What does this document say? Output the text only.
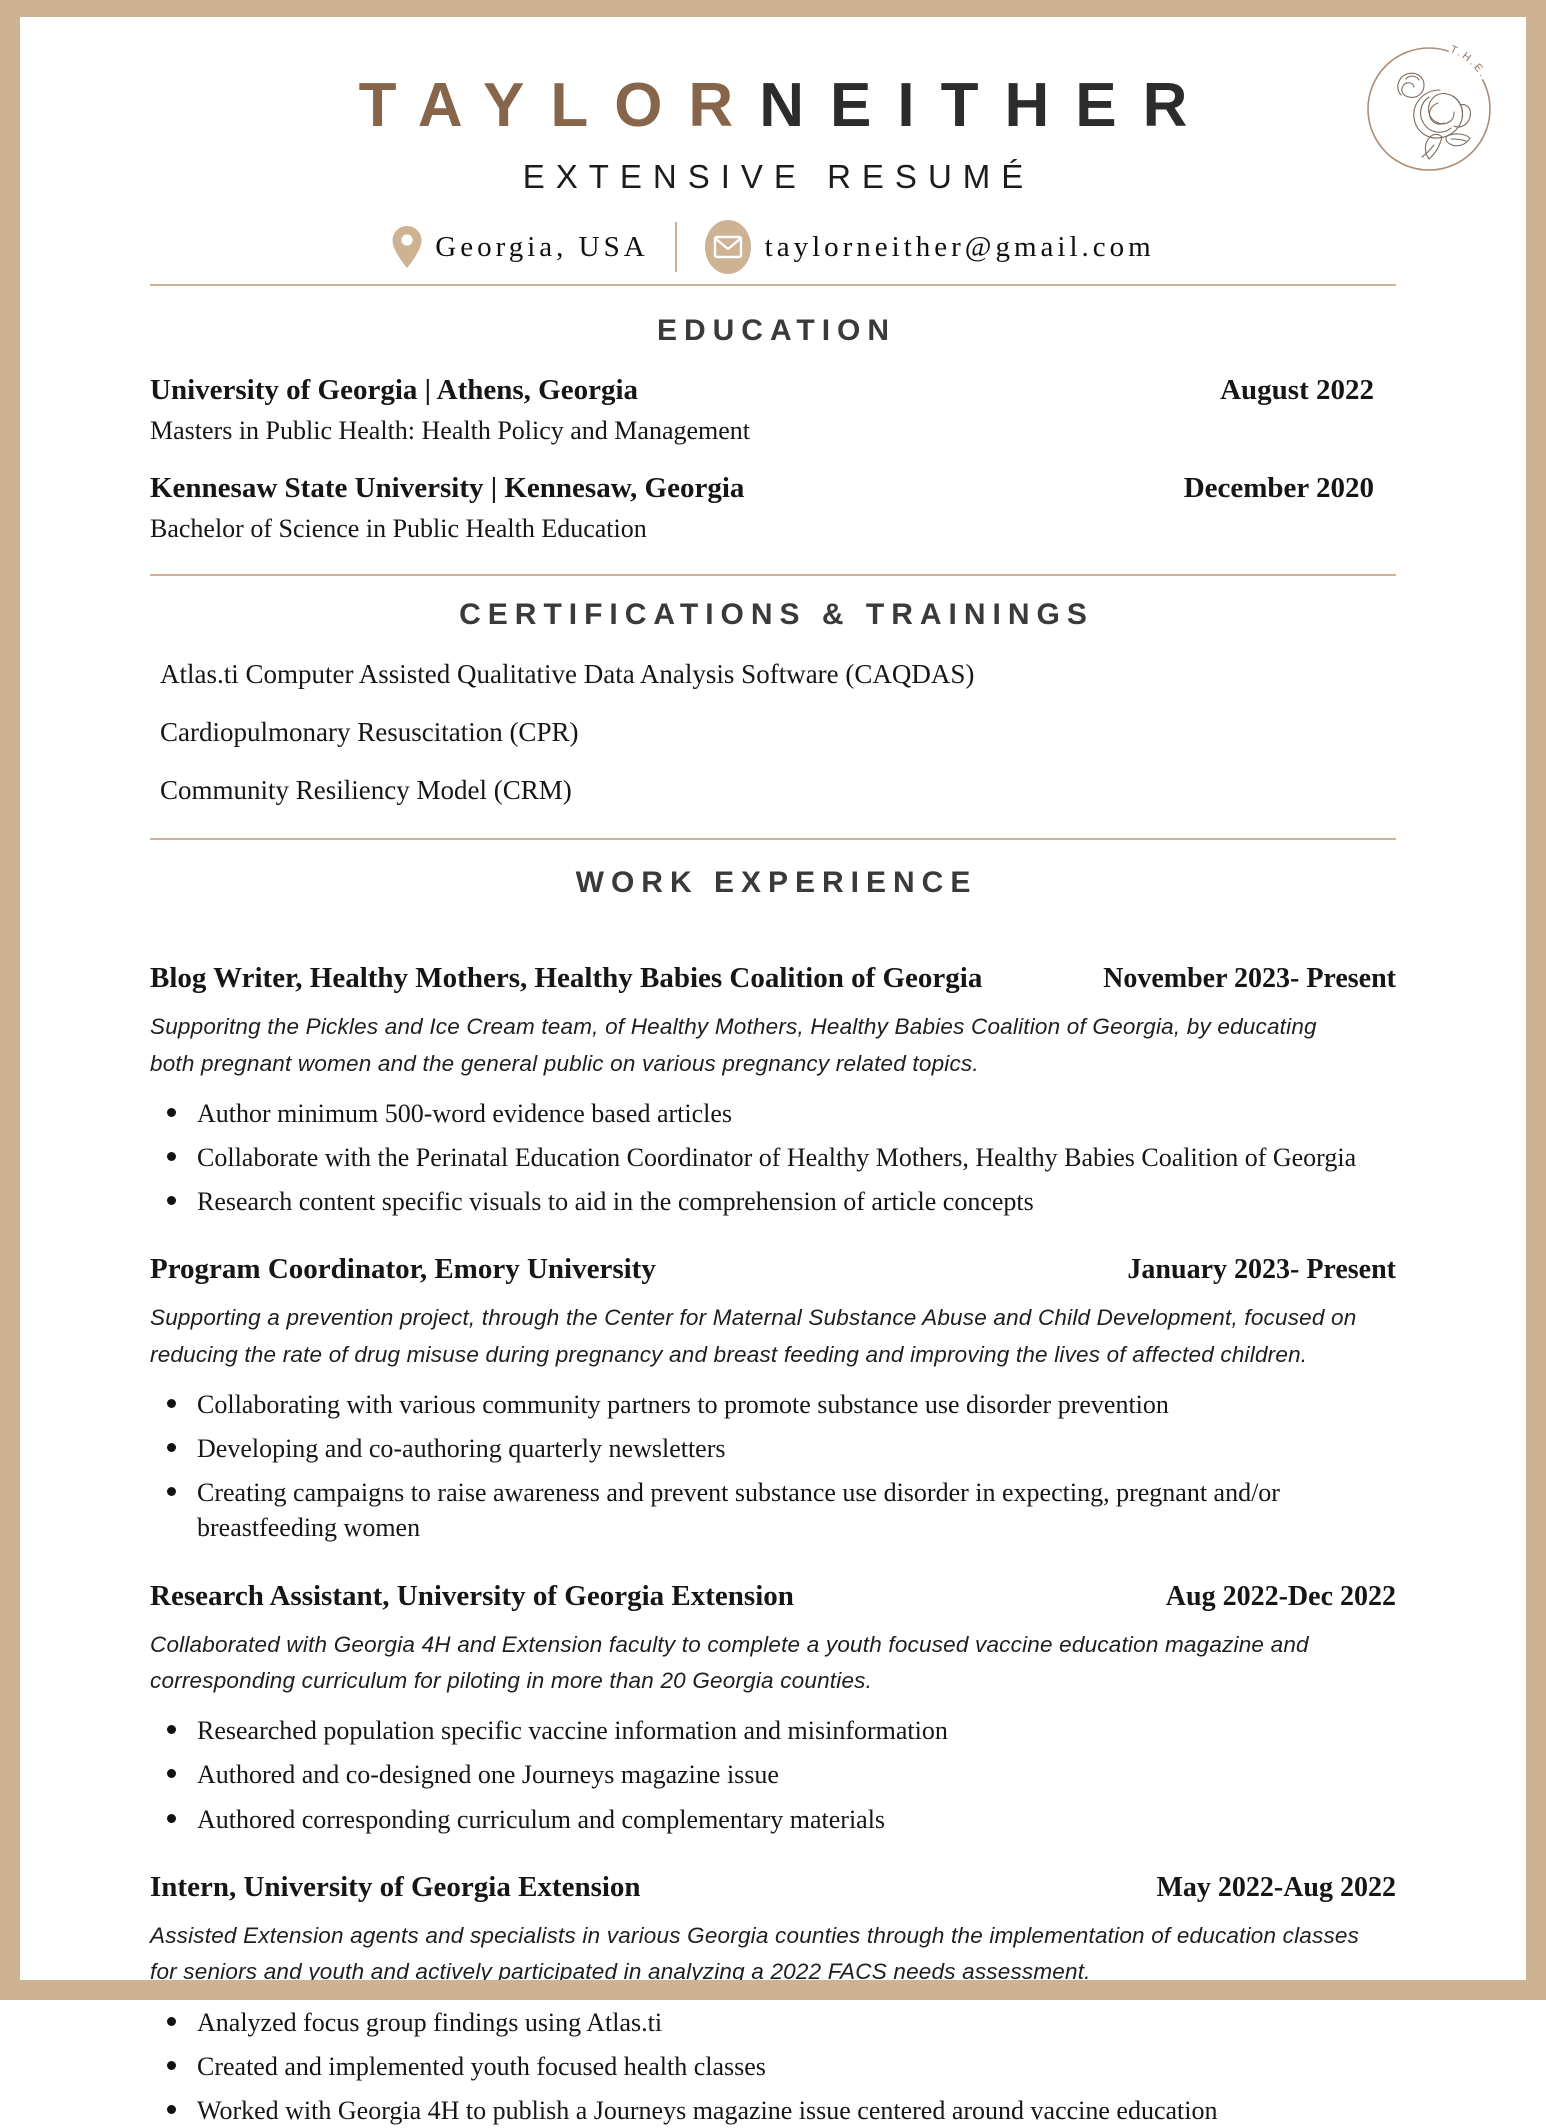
T.H.E.
TAYLORNEITHER
EXTENSIVE RESUMÉ
Georgia, USA	taylorneither@gmail.com
EDUCATION
University of Georgia | Athens, Georgia	August 2022
Masters in Public Health: Health Policy and Management
Kennesaw State University | Kennesaw, Georgia	December 2020
Bachelor of Science in Public Health Education
CERTIFICATIONS & TRAININGS
Atlas.ti Computer Assisted Qualitative Data Analysis Software (CAQDAS)
Cardiopulmonary Resuscitation (CPR)
Community Resiliency Model (CRM)
WORK EXPERIENCE
Blog Writer, Healthy Mothers, Healthy Babies Coalition of Georgia	November 2023- Present
Supporitng the Pickles and Ice Cream team, of Healthy Mothers, Healthy Babies Coalition of Georgia, by educating both pregnant women and the general public on various pregnancy related topics.
Author minimum 500-word evidence based articles
Collaborate with the Perinatal Education Coordinator of Healthy Mothers, Healthy Babies Coalition of Georgia
Research content specific visuals to aid in the comprehension of article concepts
Program Coordinator, Emory University	January 2023- Present
Supporting a prevention project, through the Center for Maternal Substance Abuse and Child Development, focused on reducing the rate of drug misuse during pregnancy and breast feeding and improving the lives of affected children.
Collaborating with various community partners to promote substance use disorder prevention
Developing and co-authoring quarterly newsletters
Creating campaigns to raise awareness and prevent substance use disorder in expecting, pregnant and/or breastfeeding women
Research Assistant, University of Georgia Extension	Aug 2022-Dec 2022
Collaborated with Georgia 4H and Extension faculty to complete a youth focused vaccine education magazine and corresponding curriculum for piloting in more than 20 Georgia counties.
Researched population specific vaccine information and misinformation
Authored and co-designed one Journeys magazine issue
Authored corresponding curriculum and complementary materials
Intern, University of Georgia Extension	May 2022-Aug 2022
Assisted Extension agents and specialists in various Georgia counties through the implementation of education classes for seniors and youth and actively participated in analyzing a 2022 FACS needs assessment.
Analyzed focus group findings using Atlas.ti
Created and implemented youth focused health classes
Worked with Georgia 4H to publish a Journeys magazine issue centered around vaccine education
